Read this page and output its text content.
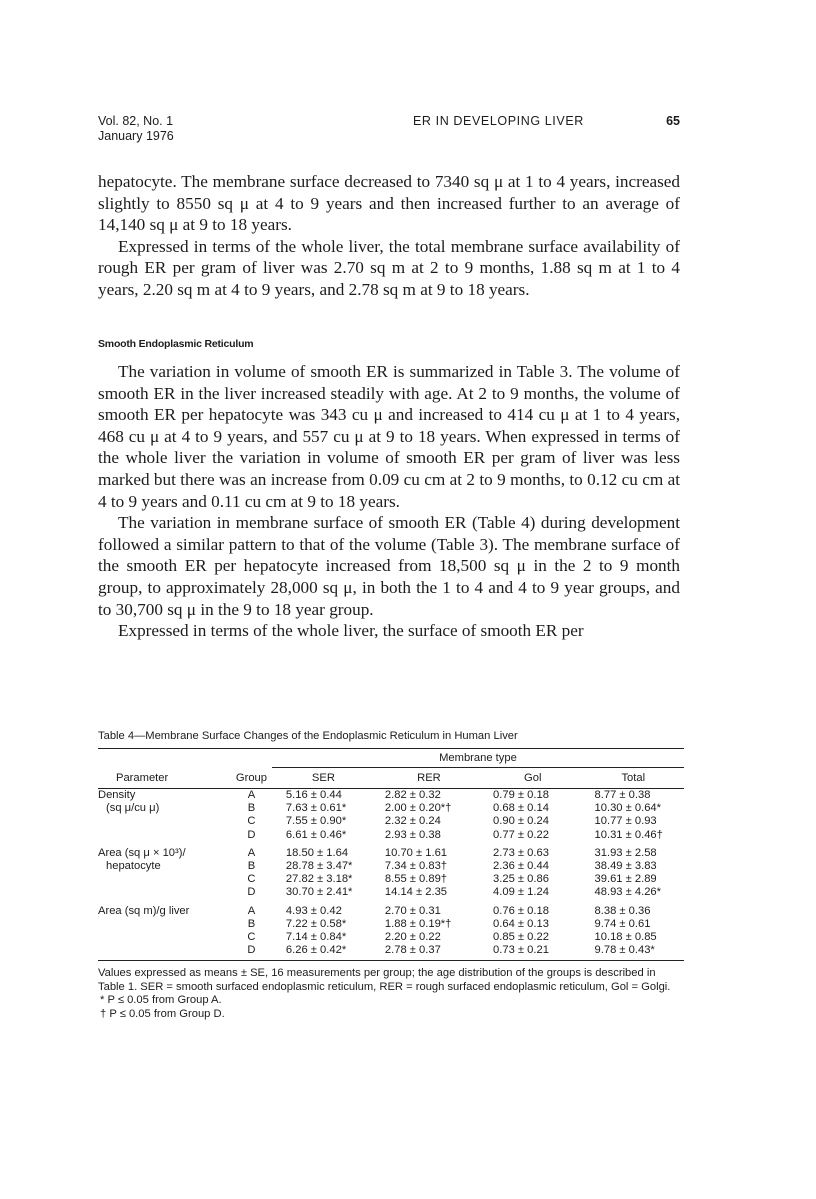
Vol. 82, No. 1
January 1976
ER IN DEVELOPING LIVER	65

hepatocyte. The membrane surface decreased to 7340 sq μ at 1 to 4 years, increased slightly to 8550 sq μ at 4 to 9 years and then increased further to an average of 14,140 sq μ at 9 to 18 years.

Expressed in terms of the whole liver, the total membrane surface availability of rough ER per gram of liver was 2.70 sq m at 2 to 9 months, 1.88 sq m at 1 to 4 years, 2.20 sq m at 4 to 9 years, and 2.78 sq m at 9 to 18 years.

Smooth Endoplasmic Reticulum

The variation in volume of smooth ER is summarized in Table 3. The volume of smooth ER in the liver increased steadily with age. At 2 to 9 months, the volume of smooth ER per hepatocyte was 343 cu μ and increased to 414 cu μ at 1 to 4 years, 468 cu μ at 4 to 9 years, and 557 cu μ at 9 to 18 years. When expressed in terms of the whole liver the variation in volume of smooth ER per gram of liver was less marked but there was an increase from 0.09 cu cm at 2 to 9 months, to 0.12 cu cm at 4 to 9 years and 0.11 cu cm at 9 to 18 years.

The variation in membrane surface of smooth ER (Table 4) during development followed a similar pattern to that of the volume (Table 3). The membrane surface of the smooth ER per hepatocyte increased from 18,500 sq μ in the 2 to 9 month group, to approximately 28,000 sq μ, in both the 1 to 4 and 4 to 9 year groups, and to 30,700 sq μ in the 9 to 18 year group.

Expressed in terms of the whole liver, the surface of smooth ER per

Table 4—Membrane Surface Changes of the Endoplasmic Reticulum in Human Liver
		Membrane type			
Parameter	Group	SER	RER	Gol	Total
Density	A	5.16 ± 0.44	2.82 ± 0.32	0.79 ± 0.18	8.77 ± 0.38
(sq μ/cu μ)	B	7.63 ± 0.61*	2.00 ± 0.20*†	0.68 ± 0.14	10.30 ± 0.64*
	C	7.55 ± 0.90*	2.32 ± 0.24	0.90 ± 0.24	10.77 ± 0.93
	D	6.61 ± 0.46*	2.93 ± 0.38	0.77 ± 0.22	10.31 ± 0.46†
Area (sq μ × 10³)/	A	18.50 ± 1.64	10.70 ± 1.61	2.73 ± 0.63	31.93 ± 2.58
hepatocyte	B	28.78 ± 3.47*	7.34 ± 0.83†	2.36 ± 0.44	38.49 ± 3.83
	C	27.82 ± 3.18*	8.55 ± 0.89†	3.25 ± 0.86	39.61 ± 2.89
	D	30.70 ± 2.41*	14.14 ± 2.35	4.09 ± 1.24	48.93 ± 4.26*
Area (sq m)/g liver	A	4.93 ± 0.42	2.70 ± 0.31	0.76 ± 0.18	8.38 ± 0.36
	B	7.22 ± 0.58*	1.88 ± 0.19*†	0.64 ± 0.13	9.74 ± 0.61
	C	7.14 ± 0.84*	2.20 ± 0.22	0.85 ± 0.22	10.18 ± 0.85
	D	6.26 ± 0.42*	2.78 ± 0.37	0.73 ± 0.21	9.78 ± 0.43*

Values expressed as means ± SE, 16 measurements per group; the age distribution of the groups is described in Table 1. SER = smooth surfaced endoplasmic reticulum, RER = rough surfaced endoplasmic reticulum, Gol = Golgi.

* P ≤ 0.05 from Group A.

† P ≤ 0.05 from Group D.
